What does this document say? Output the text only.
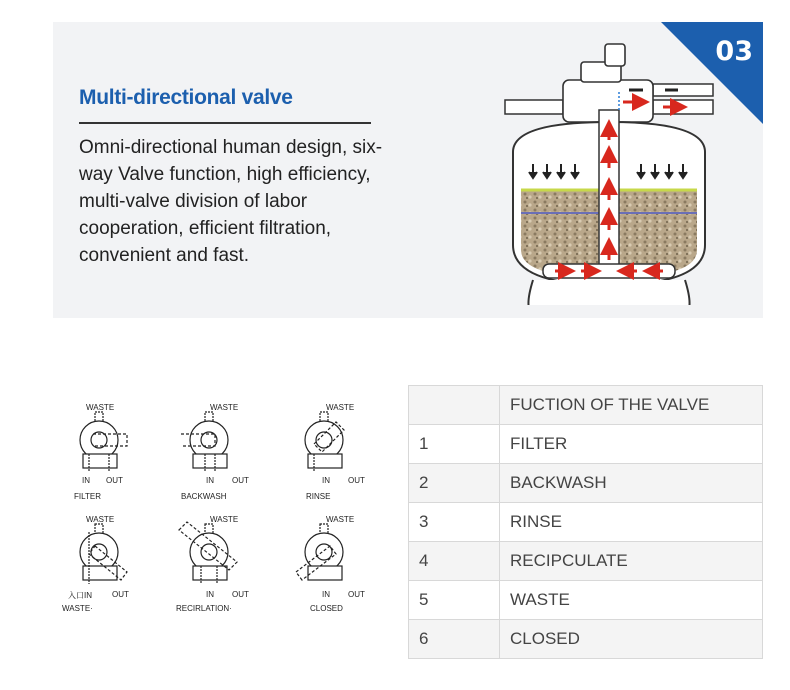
03
Multi-directional valve
Omni-directional human design, six-way Valve function, high efficiency, multi-valve division of labor cooperation, efficient filtration, convenient and fast.
WASTE
IN OUT
FILTER
WASTE
IN OUT
BACKWASH
WASTE
IN OUT
RINSE
WASTE
入口IN	OUT
WASTE·
WASTE
IN OUT
RECIRLATION·
WASTE
IN OUT
CLOSED
	FUCTION OF THE VALVE
1	FILTER
2	BACKWASH
3	RINSE
4	RECIPCULATE
5	WASTE
6	CLOSED
